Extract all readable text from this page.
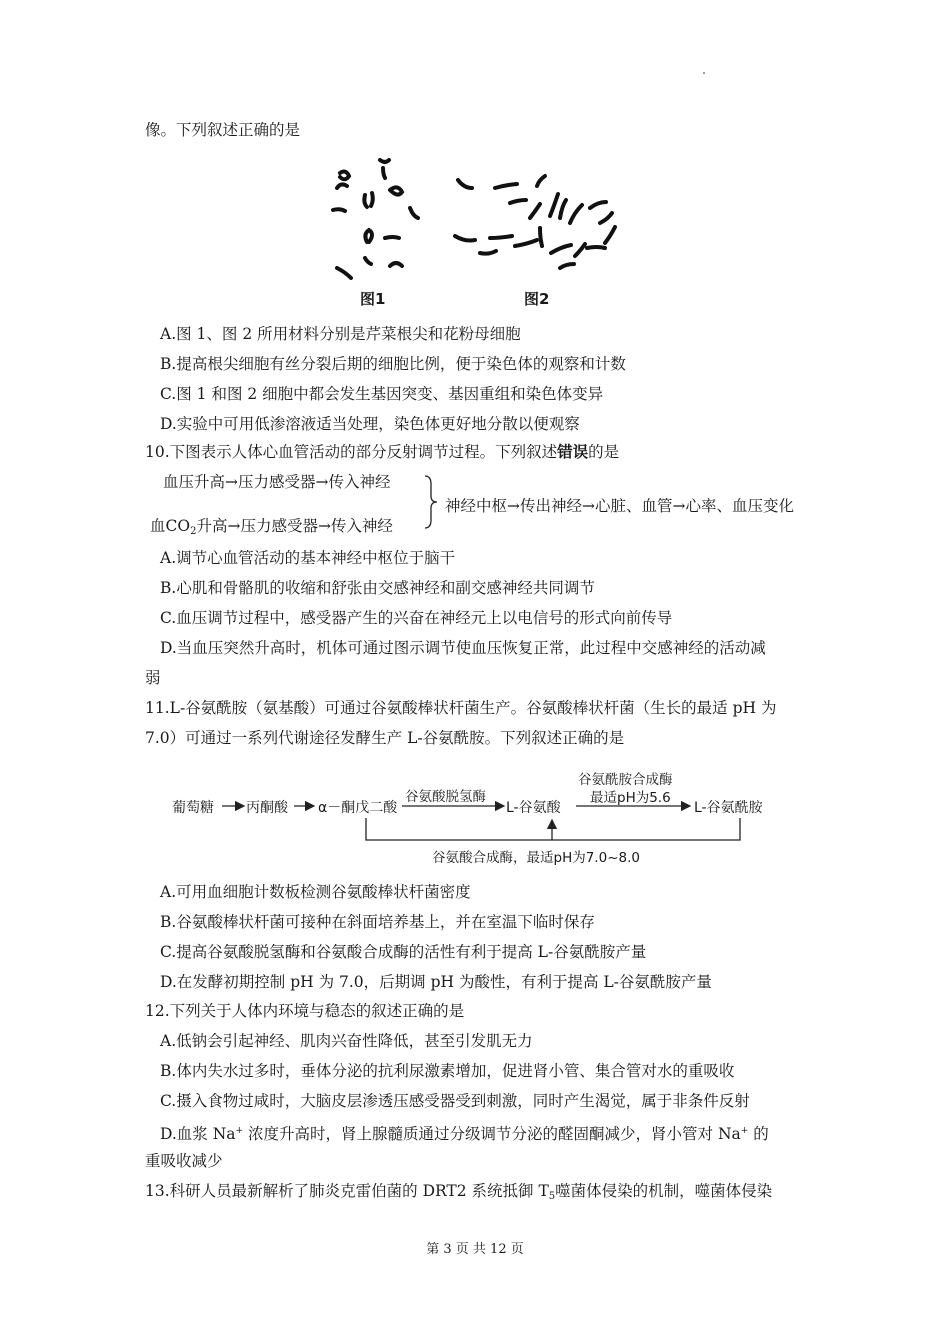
像。下列叙述正确的是
图1	图2
A.图 1、图 2 所用材料分别是芹菜根尖和花粉母细胞
B.提高根尖细胞有丝分裂后期的细胞比例，便于染色体的观察和计数
C.图 1 和图 2 细胞中都会发生基因突变、基因重组和染色体变异
D.实验中可用低渗溶液适当处理，染色体更好地分散以便观察
10.下图表示人体心血管活动的部分反射调节过程。下列叙述错误的是
血压升高→压力感受器→传入神经
血$CO_2$升高→压力感受器→传入神经
神经中枢→传出神经→心脏、血管→心率、血压变化
A.调节心血管活动的基本神经中枢位于脑干
B.心肌和骨骼肌的收缩和舒张由交感神经和副交感神经共同调节
C.血压调节过程中，感受器产生的兴奋在神经元上以电信号的形式向前传导
D.当血压突然升高时，机体可通过图示调节使血压恢复正常，此过程中交感神经的活动减
弱
11.L-谷氨酰胺（氨基酸）可通过谷氨酸棒状杆菌生产。谷氨酸棒状杆菌（生长的最适 pH 为
7.0）可通过一系列代谢途径发酵生产 L-谷氨酰胺。下列叙述正确的是
葡萄糖 丙酮酸 α－酮戊二酸
谷氨酸脱氢酶
L-谷氨酸
谷氨酰胺合成酶
最适pH为5.6
L-谷氨酰胺
谷氨酸合成酶，最适pH为7.0~8.0
A.可用血细胞计数板检测谷氨酸棒状杆菌密度
B.谷氨酸棒状杆菌可接种在斜面培养基上，并在室温下临时保存
C.提高谷氨酸脱氢酶和谷氨酸合成酶的活性有利于提高 L-谷氨酰胺产量
D.在发酵初期控制 pH 为 7.0，后期调 pH 为酸性，有利于提高 L-谷氨酰胺产量
12.下列关于人体内环境与稳态的叙述正确的是
A.低钠会引起神经、肌肉兴奋性降低，甚至引发肌无力
B.体内失水过多时，垂体分泌的抗利尿激素增加，促进肾小管、集合管对水的重吸收
C.摄入食物过咸时，大脑皮层渗透压感受器受到刺激，同时产生渴觉，属于非条件反射
D.血浆 Na+ 浓度升高时，肾上腺髓质通过分级调节分泌的醛固酮减少，肾小管对 Na+ 的
重吸收减少
13.科研人员最新解析了肺炎克雷伯菌的 DRT2 系统抵御 $T_5$噬菌体侵染的机制，噬菌体侵染
第 3 页 共 12 页
